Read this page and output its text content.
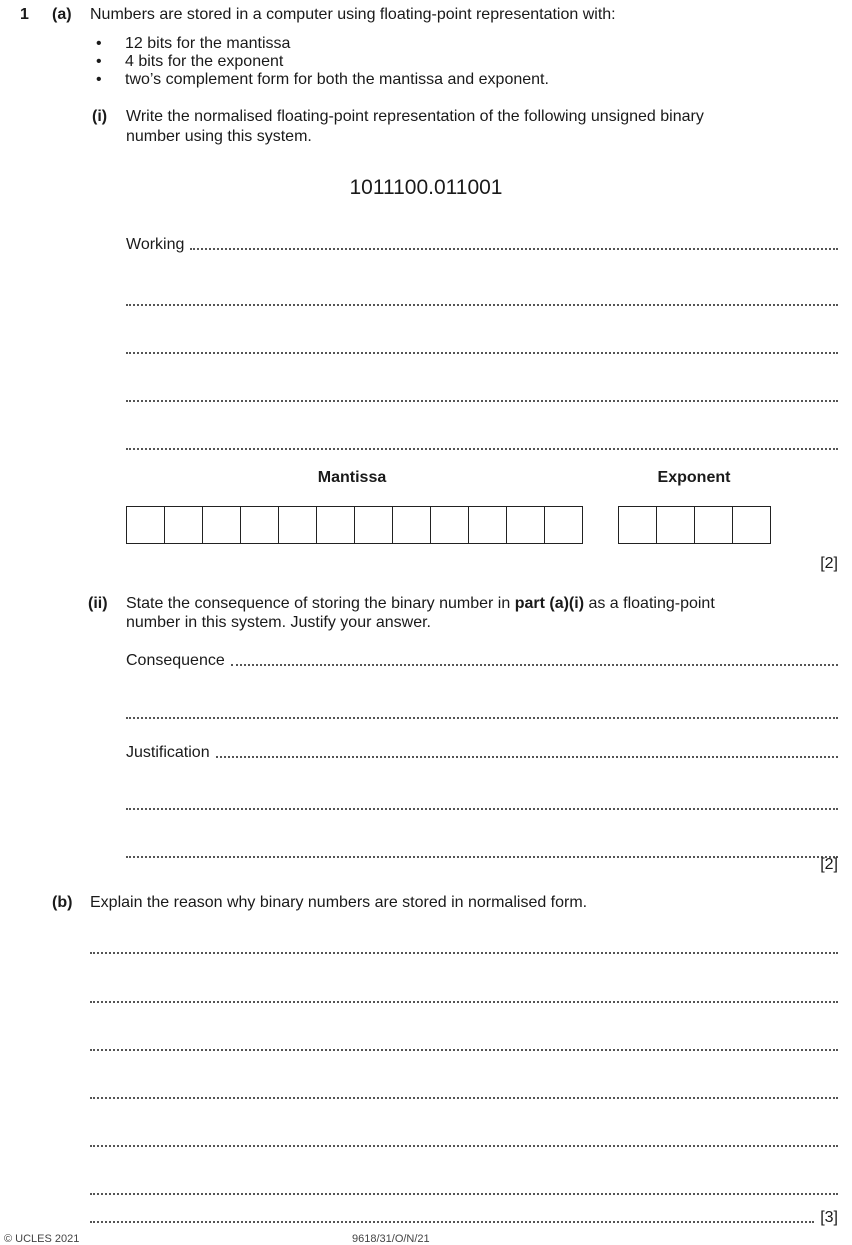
1 (a) Numbers are stored in a computer using floating-point representation with:
• 12 bits for the mantissa
• 4 bits for the exponent
• two’s complement form for both the mantissa and exponent.
(i) Write the normalised floating-point representation of the following unsigned binary
number using this system.
1011100.011001
Working
Mantissa	Exponent
[2]
(ii) State the consequence of storing the binary number in part (a)(i) as a floating-point
number in this system. Justify your answer.
Consequence
Justification
[2]
(b) Explain the reason why binary numbers are stored in normalised form.
[3]
© UCLES 2021	9618/31/O/N/21
